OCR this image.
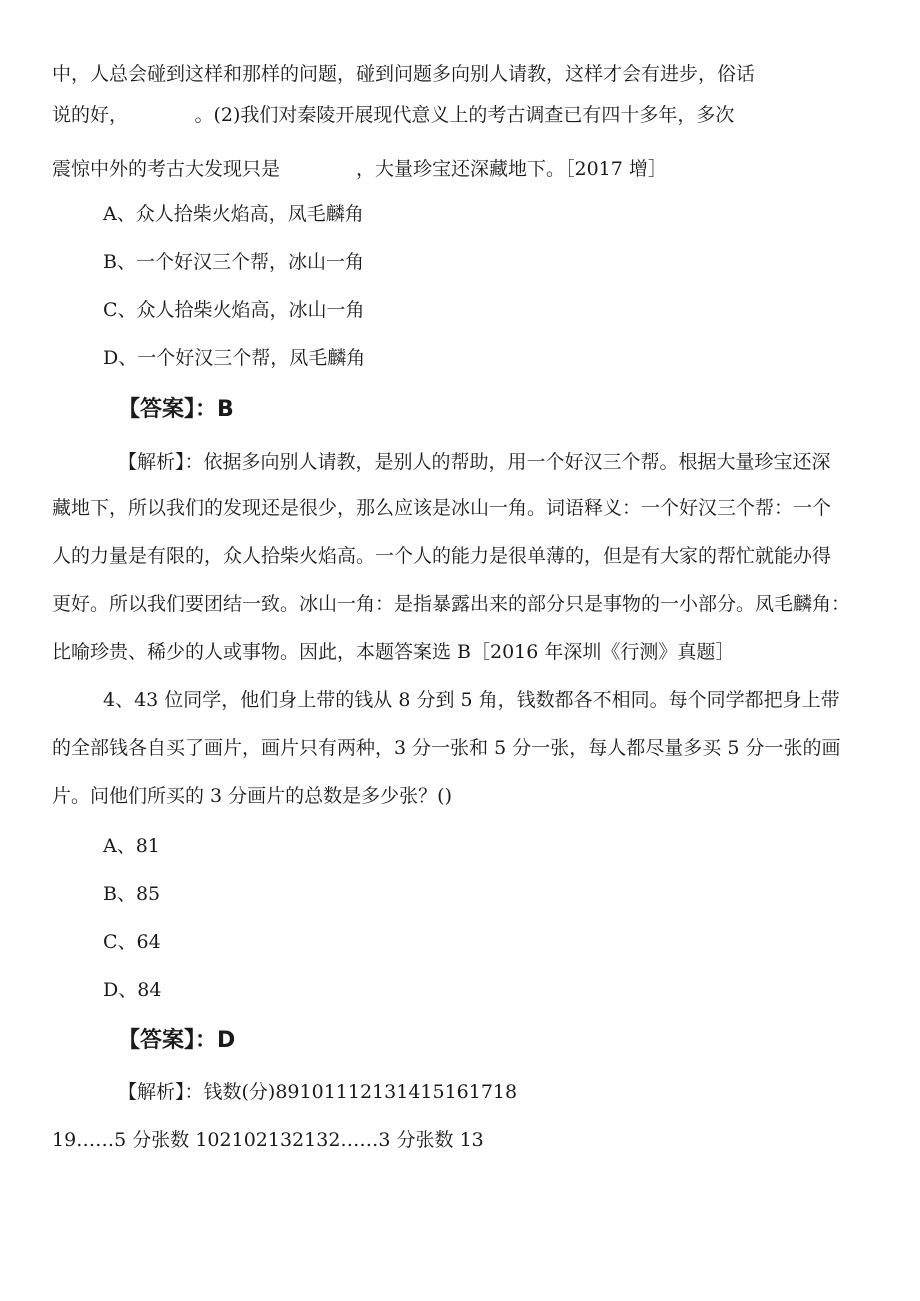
中，人总会碰到这样和那样的问题，碰到问题多向别人请教，这样才会有进步，俗话
说的好，　　　　。(2)我们对秦陵开展现代意义上的考古调查已有四十多年，多次
震惊中外的考古大发现只是　　　　，大量珍宝还深藏地下。［2017 增］
A、众人拾柴火焰高，凤毛麟角
B、一个好汉三个帮，冰山一角
C、众人拾柴火焰高，冰山一角
D、一个好汉三个帮，凤毛麟角
【答案】：B
【解析】：依据多向别人请教，是别人的帮助，用一个好汉三个帮。根据大量珍宝还深
藏地下，所以我们的发现还是很少，那么应该是冰山一角。词语释义：一个好汉三个帮：一个
人的力量是有限的，众人拾柴火焰高。一个人的能力是很单薄的，但是有大家的帮忙就能办得
更好。所以我们要团结一致。冰山一角：是指暴露出来的部分只是事物的一小部分。凤毛麟角：
比喻珍贵、稀少的人或事物。因此，本题答案选 B［2016 年深圳《行测》真题］
4、43 位同学，他们身上带的钱从 8 分到 5 角，钱数都各不相同。每个同学都把身上带
的全部钱各自买了画片，画片只有两种，3 分一张和 5 分一张，每人都尽量多买 5 分一张的画
片。问他们所买的 3 分画片的总数是多少张？()
A、81
B、85
C、64
D、84
【答案】：D
【解析】：钱数(分)89101112131415161718
19……5 分张数 102102132132……3 分张数 13
